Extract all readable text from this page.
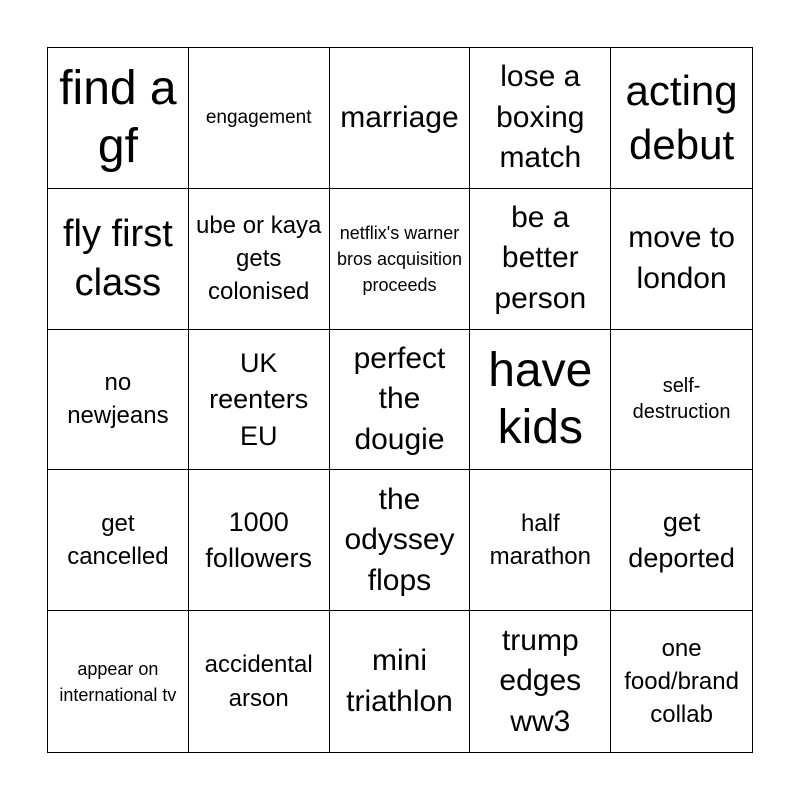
find a gf
engagement marriage
lose a boxing match
acting debut
fly first class
ube or kaya gets colonised
netflix's warner bros acquisition proceeds
be a better person
move to london
no newjeans
UK reenters EU
perfect the dougie
have kids
self-destruction
get cancelled
1000 followers
the odyssey flops
half marathon
get deported
appear on international tv
accidental arson
mini triathlon
trump edges ww3
one food/brand collab
